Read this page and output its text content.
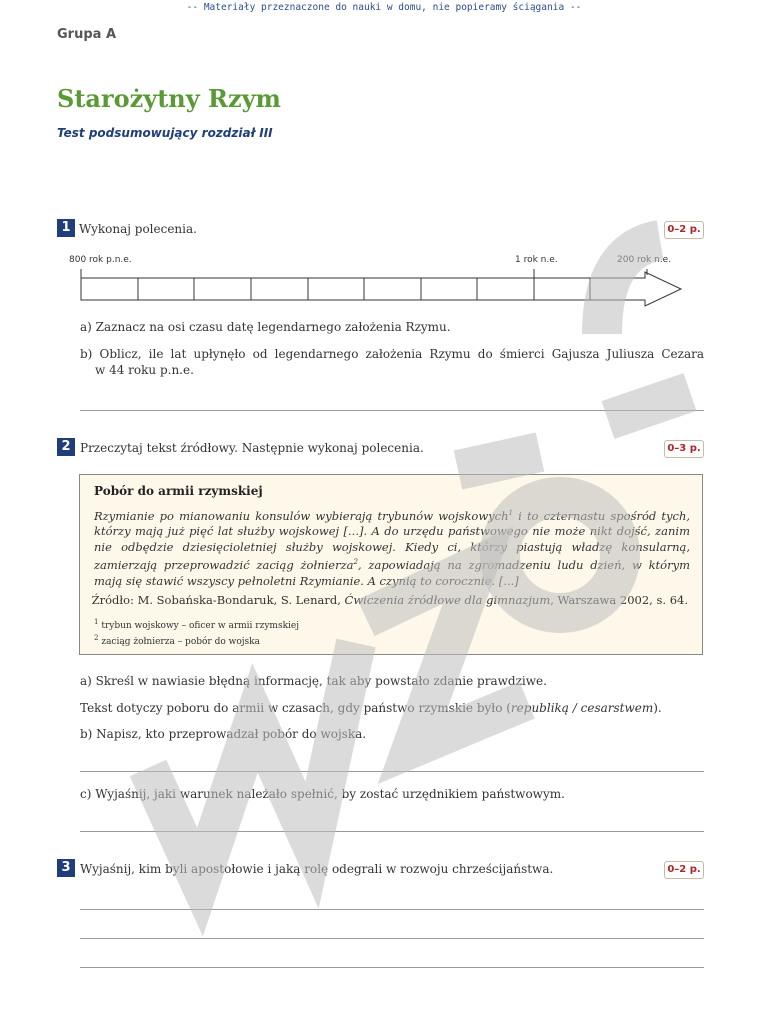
-- Materiały przeznaczone do nauki w domu, nie popieramy ściągania --
Grupa A
Starożytny Rzym
Test podsumowujący rozdział III
1 Wykonaj polecenia.	0–2 p.
800 rok p.n.e.	1 rok n.e.	200 rok n.e.
a) Zaznacz na osi czasu datę legendarnego założenia Rzymu.
b) Oblicz, ile lat upłynęło od legendarnego założenia Rzymu do śmierci Gajusza Juliusza Cezara
w 44 roku p.n.e.
2 Przeczytaj tekst źródłowy. Następnie wykonaj polecenia.	0–3 p.
Pobór do armii rzymskiej
Rzymianie po mianowaniu konsulów wybierają trybunów wojskowych$^1$ i to czternastu spośród tych, którzy mają już pięć lat służby wojskowej [...]. A do urzędu państwowego nie może nikt dojść, zanim nie odbędzie dziesięcioletniej służby wojskowej. Kiedy ci, którzy piastują władzę konsularną, zamierzają przeprowadzić zaciąg żołnierza$^2$, zapowiadają na zgromadzeniu ludu dzień, w którym mają się stawić wszyscy pełnoletni Rzymianie. A czynią to corocznie. [...]
Źródło: M. Sobańska-Bondaruk, S. Lenard, Ćwiczenia źródłowe dla gimnazjum, Warszawa 2002, s. 64.
$^1$ trybun wojskowy – oficer w armii rzymskiej
$^2$ zaciąg żołnierza – pobór do wojska
a) Skreśl w nawiasie błędną informację, tak aby powstało zdanie prawdziwe.
Tekst dotyczy poboru do armii w czasach, gdy państwo rzymskie było (republiką / cesarstwem).
b) Napisz, kto przeprowadzał pobór do wojska.
c) Wyjaśnij, jaki warunek należało spełnić, by zostać urzędnikiem państwowym.
3 Wyjaśnij, kim byli apostołowie i jaką rolę odegrali w rozwoju chrześcijaństwa.	0–2 p.
